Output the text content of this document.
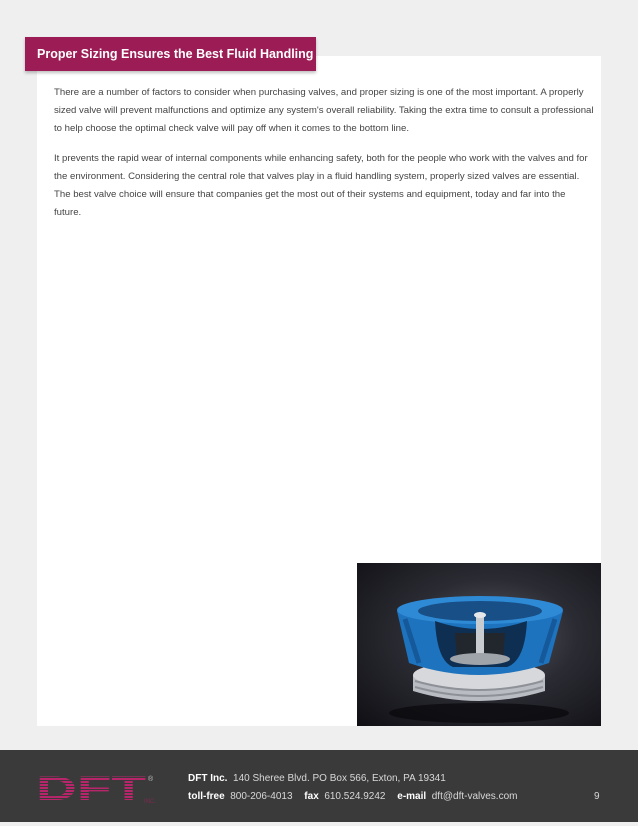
Proper Sizing Ensures the Best Fluid Handling

There are a number of factors to consider when purchasing valves, and proper sizing is one of the most important. A properly sized valve will prevent malfunctions and optimize any system's overall reliability. Taking the extra time to consult a professional to help choose the optimal check valve will pay off when it comes to the bottom line.

It prevents the rapid wear of internal components while enhancing safety, both for the people who work with the valves and for the environment. Considering the central role that valves play in a fluid handling system, properly sized valves are essential. The best valve choice will ensure that companies get the most out of their systems and equipment, today and far into the future.

DFT ®
INC.
DFT Inc. 140 Sheree Blvd. PO Box 566, Exton, PA 19341
toll-free 800-206-4013 fax 610.524.9242 e-mail dft@dft-valves.com	9
